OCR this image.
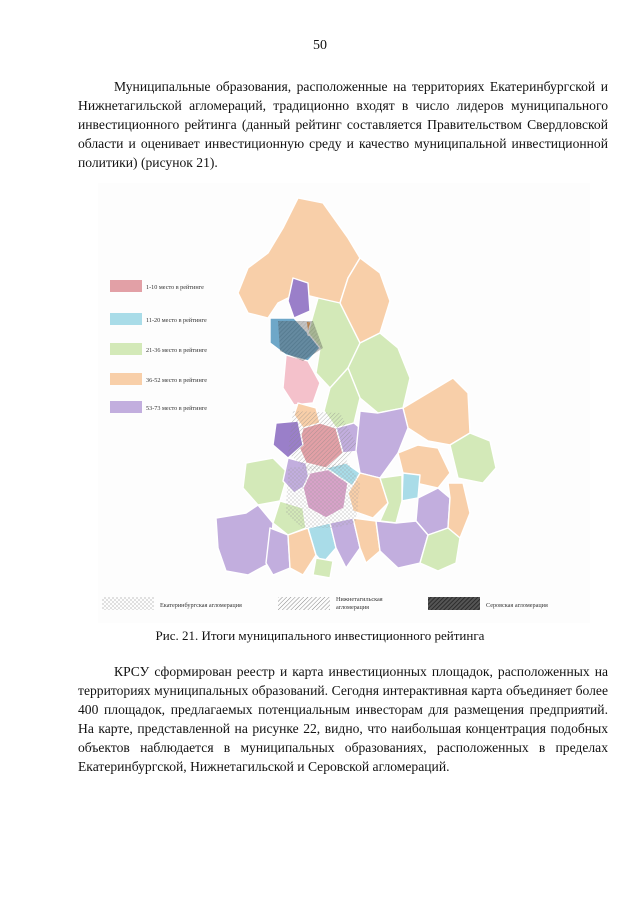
50

Муниципальные образования, расположенные на территориях Екатеринбургской и Нижнетагильской агломераций, традиционно входят в число лидеров муниципального инвестиционного рейтинга (данный рейтинг составляется Правительством Свердловской области и оценивает инвестиционную среду и качество муниципальной инвестиционной политики) (рисунок 21).

1-10 место в рейтинге
11-20 место в рейтинге
21-36 место в рейтинге
36-52 место в рейтинге
53-73 место в рейтинге
Екатеринбургская агломерация
Нижнетагильская агломерация	Серовская агломерация
Рис. 21. Итоги муниципального инвестиционного рейтинга

КРСУ сформирован реестр и карта инвестиционных площадок, расположенных на территориях муниципальных образований. Сегодня интерактивная карта объединяет более 400 площадок, предлагаемых потенциальным инвесторам для размещения предприятий. На карте, представленной на рисунке 22, видно, что наибольшая концентрация подобных объектов наблюдается в муниципальных образованиях, расположенных в пределах Екатеринбургской, Нижнетагильской и Серовской агломераций.
